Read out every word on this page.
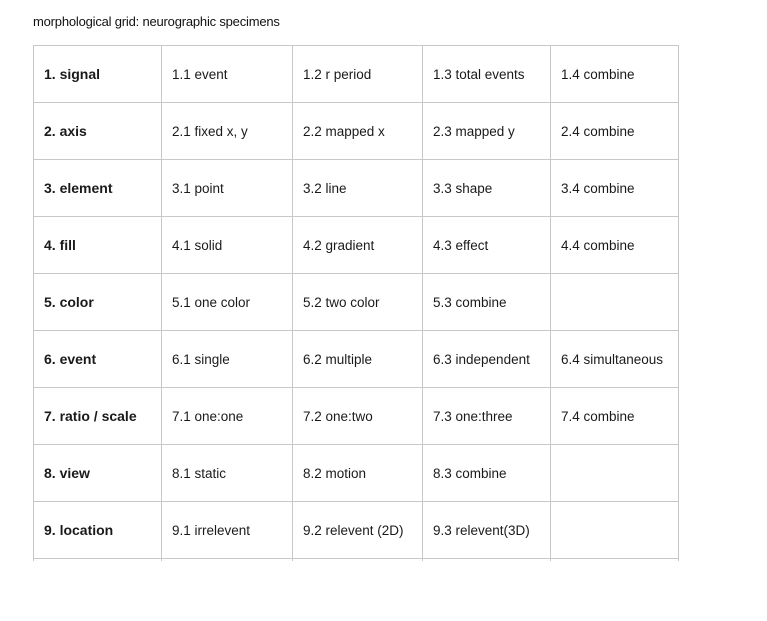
morphological grid: neurographic specimens
1. signal	1.1 event	1.2 r period	1.3 total events	1.4 combine
2. axis	2.1 fixed x, y	2.2 mapped x	2.3 mapped y	2.4 combine
3. element	3.1 point	3.2 line	3.3 shape	3.4 combine
4. fill	4.1 solid	4.2 gradient	4.3 effect	4.4 combine
5. color	5.1 one color	5.2 two color	5.3 combine	
6. event	6.1 single	6.2 multiple	6.3 independent	6.4 simultaneous
7. ratio / scale	7.1 one:one	7.2 one:two	7.3 one:three	7.4 combine
8. view	8.1 static	8.2 motion	8.3 combine	
9. location	9.1 irrelevent	9.2 relevent (2D)	9.3 relevent(3D)	
